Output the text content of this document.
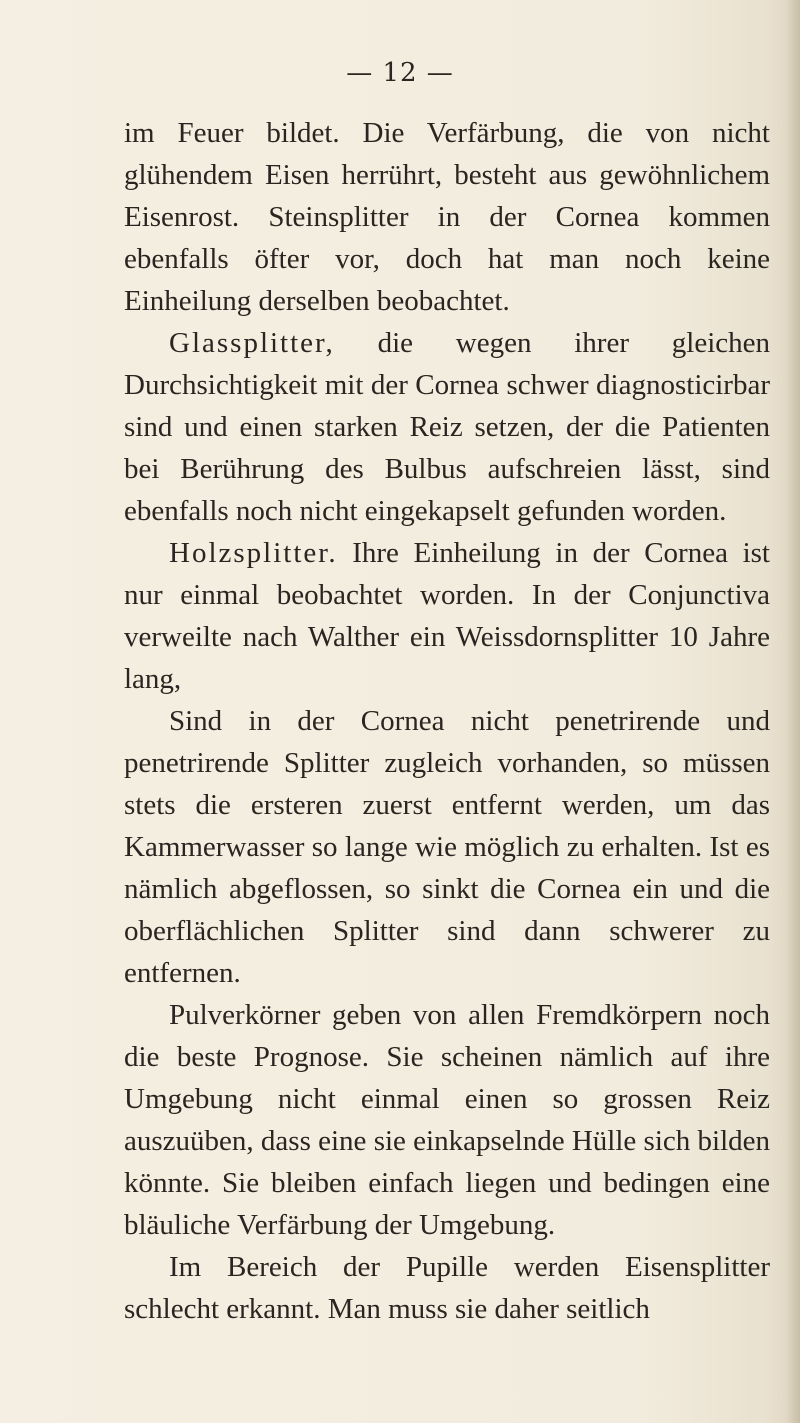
— 12 —

im Feuer bildet. Die Verfärbung, die von nicht glühendem Eisen herrührt, besteht aus gewöhnlichem Eisenrost. Steinsplitter in der Cornea kommen ebenfalls öfter vor, doch hat man noch keine Einheilung derselben beobachtet.

Glassplitter, die wegen ihrer gleichen Durchsichtigkeit mit der Cornea schwer diagnosticirbar sind und einen starken Reiz setzen, der die Patienten bei Berührung des Bulbus aufschreien lässt, sind ebenfalls noch nicht eingekapselt gefunden worden.

Holzsplitter. Ihre Einheilung in der Cornea ist nur einmal beobachtet worden. In der Conjunctiva verweilte nach Walther ein Weissdornsplitter 10 Jahre lang,

Sind in der Cornea nicht penetrirende und penetrirende Splitter zugleich vorhanden, so müssen stets die ersteren zuerst entfernt werden, um das Kammerwasser so lange wie möglich zu erhalten. Ist es nämlich abgeflossen, so sinkt die Cornea ein und die oberflächlichen Splitter sind dann schwerer zu entfernen.

Pulverkörner geben von allen Fremdkörpern noch die beste Prognose. Sie scheinen nämlich auf ihre Umgebung nicht einmal einen so grossen Reiz auszuüben, dass eine sie einkapselnde Hülle sich bilden könnte. Sie bleiben einfach liegen und bedingen eine bläuliche Verfärbung der Umgebung.

Im Bereich der Pupille werden Eisensplitter schlecht erkannt. Man muss sie daher seitlich
